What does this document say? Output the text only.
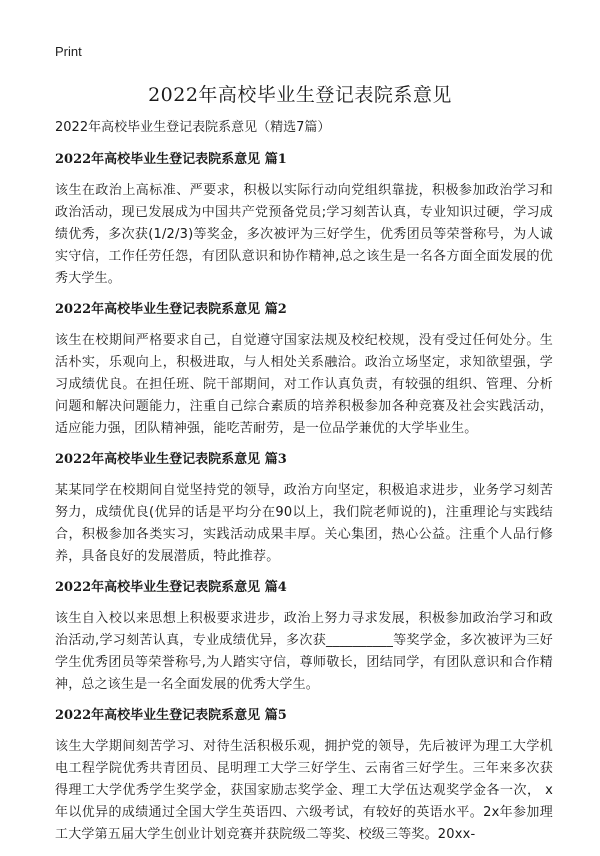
Print
2022年高校毕业生登记表院系意见

2022年高校毕业生登记表院系意见（精选7篇）

2022年高校毕业生登记表院系意见 篇1

该生在政治上高标准、严要求，积极以实际行动向党组织靠拢，积极参加政治学习和政治活动，现已发展成为中国共产党预备党员;学习刻苦认真，专业知识过硬，学习成绩优秀，多次获(1/2/3)等奖金，多次被评为三好学生，优秀团员等荣誉称号，为人诚实守信，工作任劳任怨，有团队意识和协作精神,总之该生是一名各方面全面发展的优秀大学生。

2022年高校毕业生登记表院系意见 篇2

该生在校期间严格要求自己，自觉遵守国家法规及校纪校规，没有受过任何处分。生活朴实，乐观向上，积极进取，与人相处关系融洽。政治立场坚定，求知欲望强，学习成绩优良。在担任班、院干部期间，对工作认真负责，有较强的组织、管理、分析问题和解决问题能力，注重自己综合素质的培养积极参加各种竞赛及社会实践活动，适应能力强，团队精神强，能吃苦耐劳，是一位品学兼优的大学毕业生。

2022年高校毕业生登记表院系意见 篇3

某某同学在校期间自觉坚持党的领导，政治方向坚定，积极追求进步，业务学习刻苦努力，成绩优良(优异的话是平均分在90以上，我们院老师说的)，注重理论与实践结合，积极参加各类实习，实践活动成果丰厚。关心集团，热心公益。注重个人品行修养，具备良好的发展潜质，特此推荐。

2022年高校毕业生登记表院系意见 篇4

该生自入校以来思想上积极要求进步，政治上努力寻求发展，积极参加政治学习和政治活动,学习刻苦认真，专业成绩优异，多次获__________等奖学金，多次被评为三好学生优秀团员等荣誉称号,为人踏实守信，尊师敬长，团结同学，有团队意识和合作精神，总之该生是一名全面发展的优秀大学生。

2022年高校毕业生登记表院系意见 篇5

该生大学期间刻苦学习、对待生活积极乐观，拥护党的领导，先后被评为理工大学机电工程学院优秀共青团员、昆明理工大学三好学生、云南省三好学生。三年来多次获得理工大学优秀学生奖学金，获国家励志奖学金、理工大学伍达观奖学金各一次， x年以优异的成绩通过全国大学生英语四、六级考试，有较好的英语水平。2x年参加理工大学第五届大学生创业计划竞赛并获院级二等奖、校级三等奖。20xx-
